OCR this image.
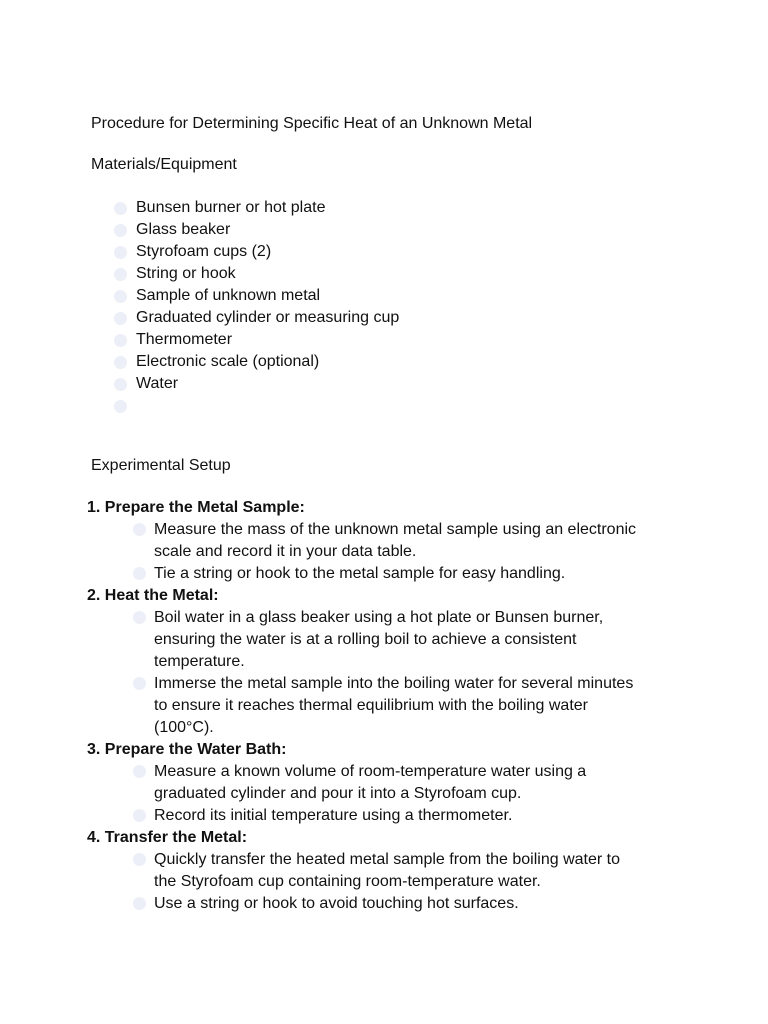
Procedure for Determining Specific Heat of an Unknown Metal
Materials/Equipment
Bunsen burner or hot plate
Glass beaker
Styrofoam cups (2)
String or hook
Sample of unknown metal
Graduated cylinder or measuring cup
Thermometer
Electronic scale (optional)
Water
Experimental Setup
1. Prepare the Metal Sample:
Measure the mass of the unknown metal sample using an electronic
scale and record it in your data table.
Tie a string or hook to the metal sample for easy handling.
2. Heat the Metal:
Boil water in a glass beaker using a hot plate or Bunsen burner,
ensuring the water is at a rolling boil to achieve a consistent
temperature.
Immerse the metal sample into the boiling water for several minutes
to ensure it reaches thermal equilibrium with the boiling water
(100°C).
3. Prepare the Water Bath:
Measure a known volume of room-temperature water using a
graduated cylinder and pour it into a Styrofoam cup.
Record its initial temperature using a thermometer.
4. Transfer the Metal:
Quickly transfer the heated metal sample from the boiling water to
the Styrofoam cup containing room-temperature water.
Use a string or hook to avoid touching hot surfaces.
